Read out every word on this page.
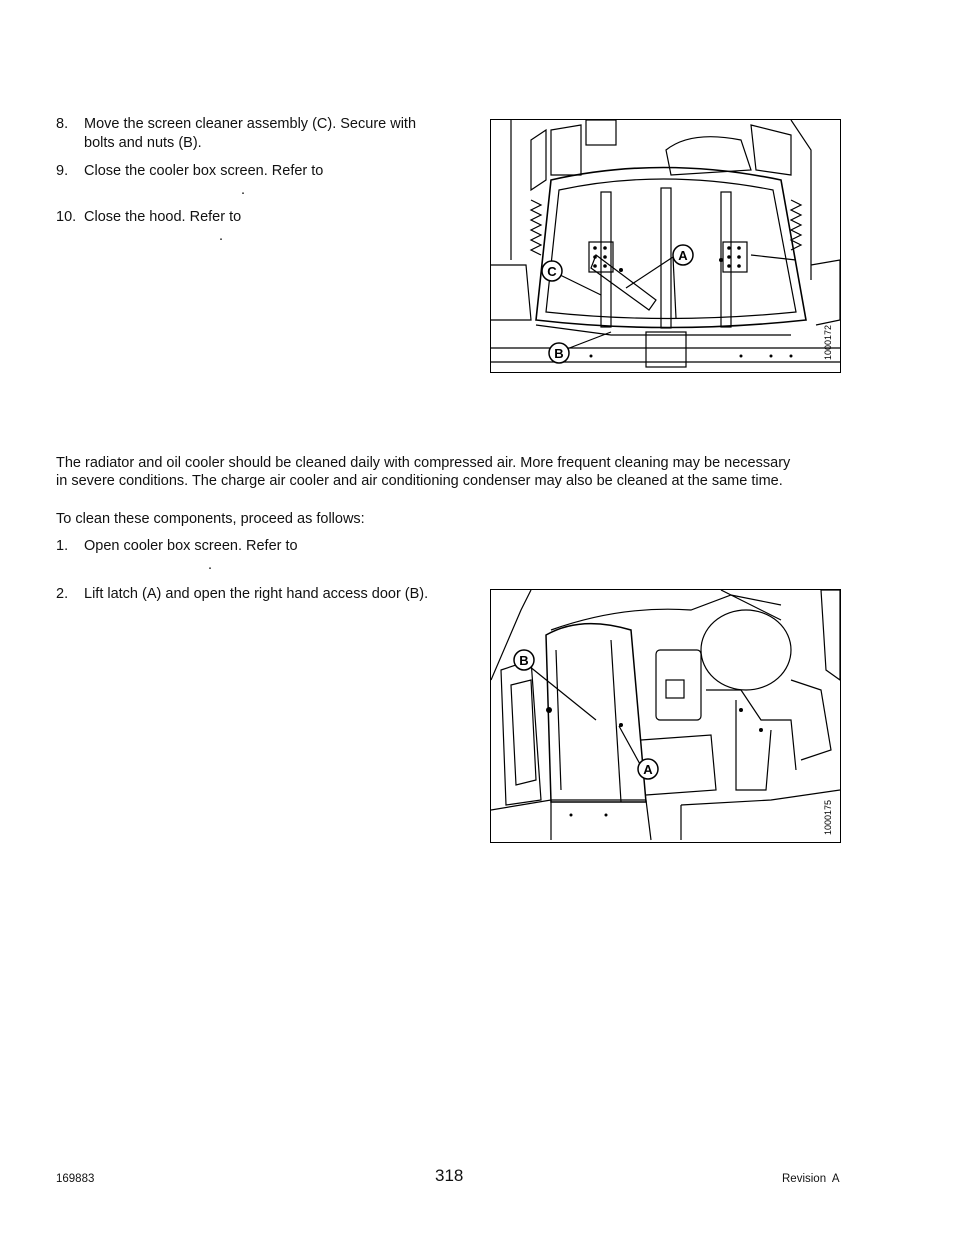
8. Move the screen cleaner assembly (C). Secure with
bolts and nuts (B).
9. Close the cooler box screen. Refer to
.
10. Close the hood. Refer to
.
A
C
B	1000172
The radiator and oil cooler should be cleaned daily with compressed air. More frequent cleaning may be necessary
in severe conditions. The charge air cooler and air conditioning condenser may also be cleaned at the same time.
To clean these components, proceed as follows:
1. Open cooler box screen. Refer to
.
2. Lift latch (A) and open the right hand access door (B).
B
A
1000175
169883	318	Revision  A
